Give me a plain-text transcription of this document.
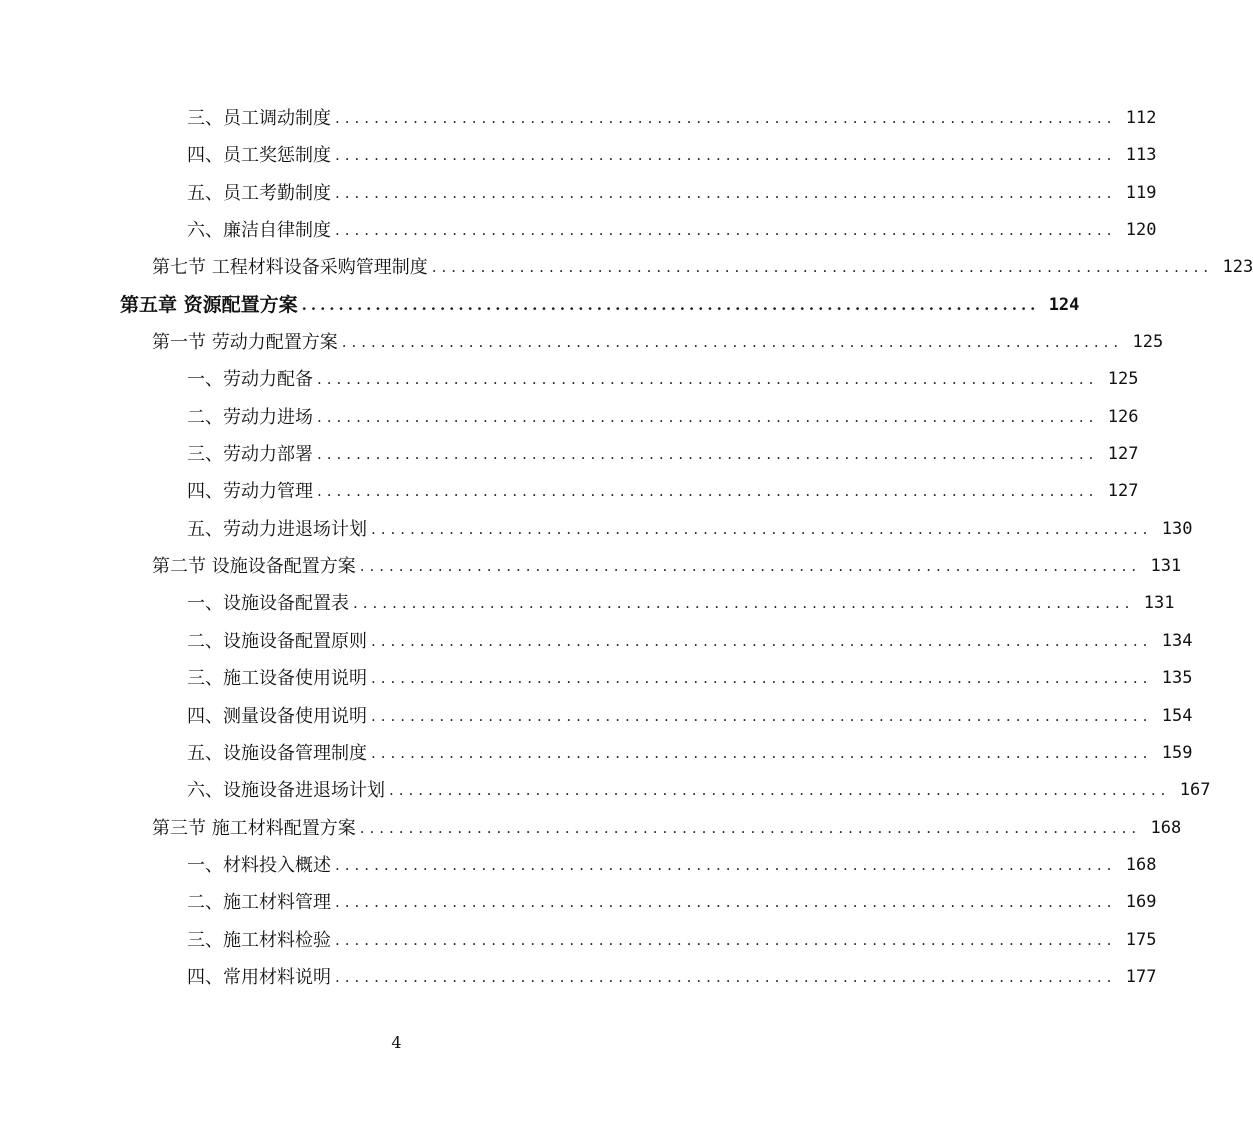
三、员工调动制度 ................................................................................ 112
四、员工奖惩制度 ................................................................................ 113
五、员工考勤制度 ................................................................................ 119
六、廉洁自律制度 ................................................................................ 120
第七节 工程材料设备采购管理制度 ................................................................................ 123
第五章 资源配置方案 ................................................................................ 124
第一节 劳动力配置方案 ................................................................................ 125
一、劳动力配备 ................................................................................ 125
二、劳动力进场 ................................................................................ 126
三、劳动力部署 ................................................................................ 127
四、劳动力管理 ................................................................................ 127
五、劳动力进退场计划 ................................................................................ 130
第二节 设施设备配置方案 ................................................................................ 131
一、设施设备配置表 ................................................................................ 131
二、设施设备配置原则 ................................................................................ 134
三、施工设备使用说明 ................................................................................ 135
四、测量设备使用说明 ................................................................................ 154
五、设施设备管理制度 ................................................................................ 159
六、设施设备进退场计划 ................................................................................ 167
第三节 施工材料配置方案 ................................................................................ 168
一、材料投入概述 ................................................................................ 168
二、施工材料管理 ................................................................................ 169
三、施工材料检验 ................................................................................ 175
四、常用材料说明 ................................................................................ 177
4
